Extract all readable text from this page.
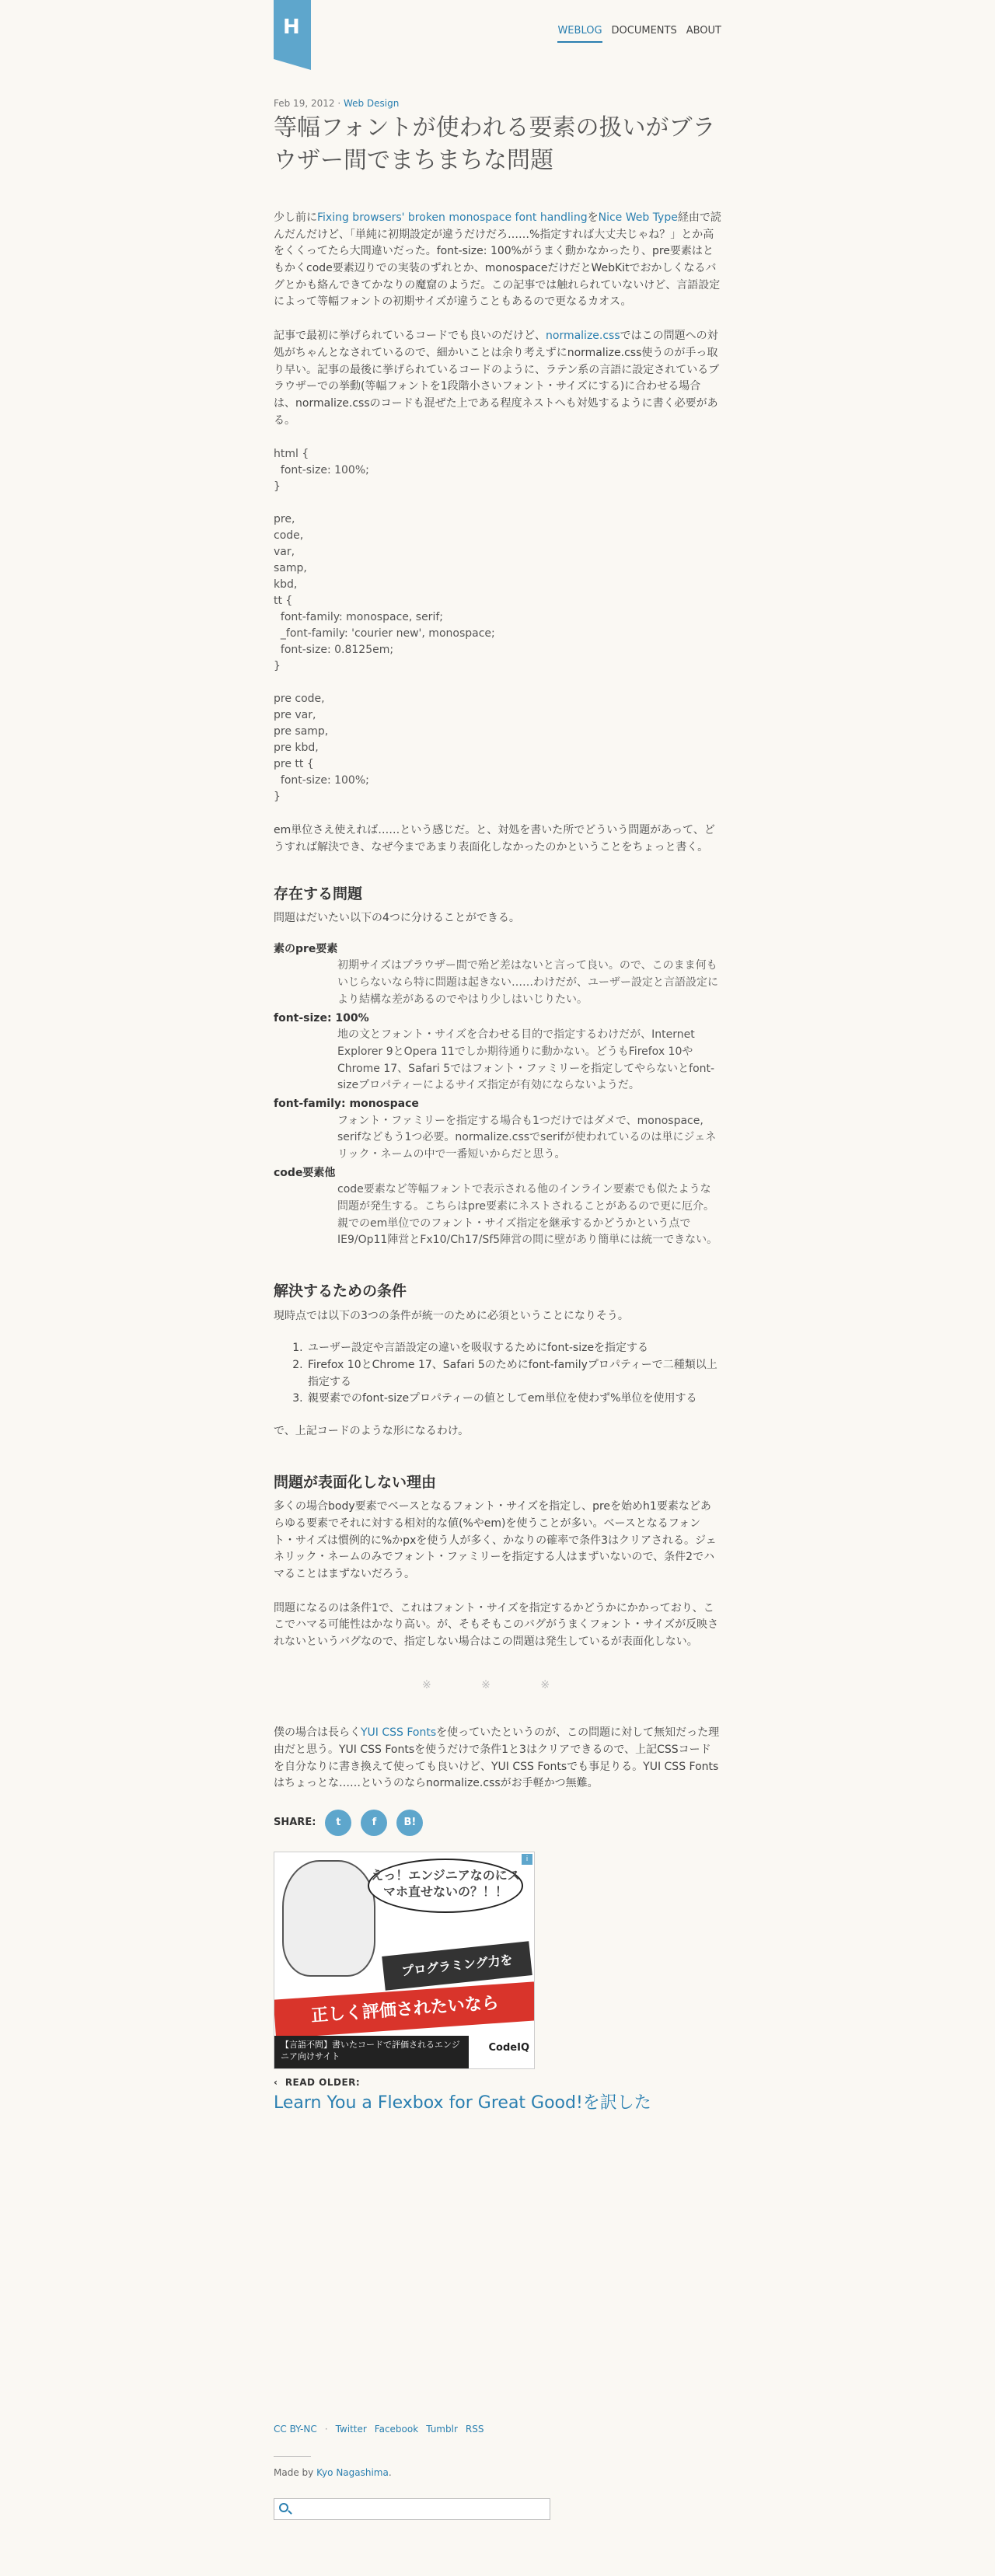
H	WEBLOG DOCUMENTS ABOUT
Feb 19, 2012 · Web Design
等幅フォントが使われる要素の扱いがブラウザー間でまちまちな問題

少し前にFixing browsers' broken monospace font handlingをNice Web Type経由で読んだんだけど、「単純に初期設定が違うだけだろ……%指定すれば大丈夫じゃね？」とか高をくくってたら大間違いだった。font-size: 100%がうまく動かなかったり、pre要素はともかくcode要素辺りでの実装のずれとか、monospaceだけだとWebKitでおかしくなるバグとかも絡んできてかなりの魔窟のようだ。この記事では触れられていないけど、言語設定によって等幅フォントの初期サイズが違うこともあるので更なるカオス。

記事で最初に挙げられているコードでも良いのだけど、normalize.cssではこの問題への対処がちゃんとなされているので、細かいことは余り考えずにnormalize.css使うのが手っ取り早い。記事の最後に挙げられているコードのように、ラテン系の言語に設定されているブラウザーでの挙動(等幅フォントを1段階小さいフォント・サイズにする)に合わせる場合は、normalize.cssのコードも混ぜた上である程度ネストへも対処するように書く必要がある。

html {
font-size: 100%;
}

pre,
code,
var,
samp,
kbd,
tt {
font-family: monospace, serif;
_font-family: 'courier new', monospace;
font-size: 0.8125em;
}

pre code,
pre var,
pre samp,
pre kbd,
pre tt {
font-size: 100%;
}

em単位さえ使えれば……という感じだ。と、対処を書いた所でどういう問題があって、どうすれば解決でき、なぜ今まであまり表面化しなかったのかということをちょっと書く。

存在する問題

問題はだいたい以下の4つに分けることができる。

素のpre要素
初期サイズはブラウザー間で殆ど差はないと言って良い。ので、このまま何もいじらないなら特に問題は起きない……わけだが、ユーザー設定と言語設定により結構な差があるのでやはり少しはいじりたい。
font-size: 100%
地の文とフォント・サイズを合わせる目的で指定するわけだが、Internet Explorer 9とOpera 11でしか期待通りに動かない。どうもFirefox 10やChrome 17、Safari 5ではフォント・ファミリーを指定してやらないとfont-sizeプロパティーによるサイズ指定が有効にならないようだ。
font-family: monospace
フォント・ファミリーを指定する場合も1つだけではダメで、monospace, serifなどもう1つ必要。normalize.cssでserifが使われているのは単にジェネリック・ネームの中で一番短いからだと思う。
code要素他
code要素など等幅フォントで表示される他のインライン要素でも似たような問題が発生する。こちらはpre要素にネストされることがあるので更に厄介。親でのem単位でのフォント・サイズ指定を継承するかどうかという点でIE9/Op11陣営とFx10/Ch17/Sf5陣営の間に壁があり簡単には統一できない。
解決するための条件

現時点では以下の3つの条件が統一のために必須ということになりそう。

1. ユーザー設定や言語設定の違いを吸収するためにfont-sizeを指定する
2. Firefox 10とChrome 17、Safari 5のためにfont-familyプロパティーで二種類以上指定する
3. 親要素でのfont-sizeプロパティーの値としてem単位を使わず%単位を使用する

で、上記コードのような形になるわけ。

問題が表面化しない理由

多くの場合body要素でベースとなるフォント・サイズを指定し、preを始めh1要素などあらゆる要素でそれに対する相対的な値(%やem)を使うことが多い。ベースとなるフォント・サイズは慣例的に%かpxを使う人が多く、かなりの確率で条件3はクリアされる。ジェネリック・ネームのみでフォント・ファミリーを指定する人はまずいないので、条件2でハマることはまずないだろう。

問題になるのは条件1で、これはフォント・サイズを指定するかどうかにかかっており、ここでハマる可能性はかなり高い。が、そもそもこのバグがうまくフォント・サイズが反映されないというバグなので、指定しない場合はこの問題は発生しているが表面化しない。

※ ※ ※

僕の場合は長らくYUI CSS Fontsを使っていたというのが、この問題に対して無知だった理由だと思う。YUI CSS Fontsを使うだけで条件1と3はクリアできるので、上記CSSコードを自分なりに書き換えて使っても良いけど、YUI CSS Fontsでも事足りる。YUI CSS Fontsはちょっとな……というのならnormalize.cssがお手軽かつ無難。

SHARE:	t	f	B!
えっ！エンジニアなのにスマホ直せないの？！！
プログラミング力を
正しく評価されたいなら
【言語不問】書いたコードで評価されるエンジニア向けサイト
CodeIQ
i
‹  READ OLDER:
Learn You a Flexbox for Great Good!を訳した
CC BY-NC · Twitter Facebook Tumblr RSS
Made by Kyo Nagashima.
